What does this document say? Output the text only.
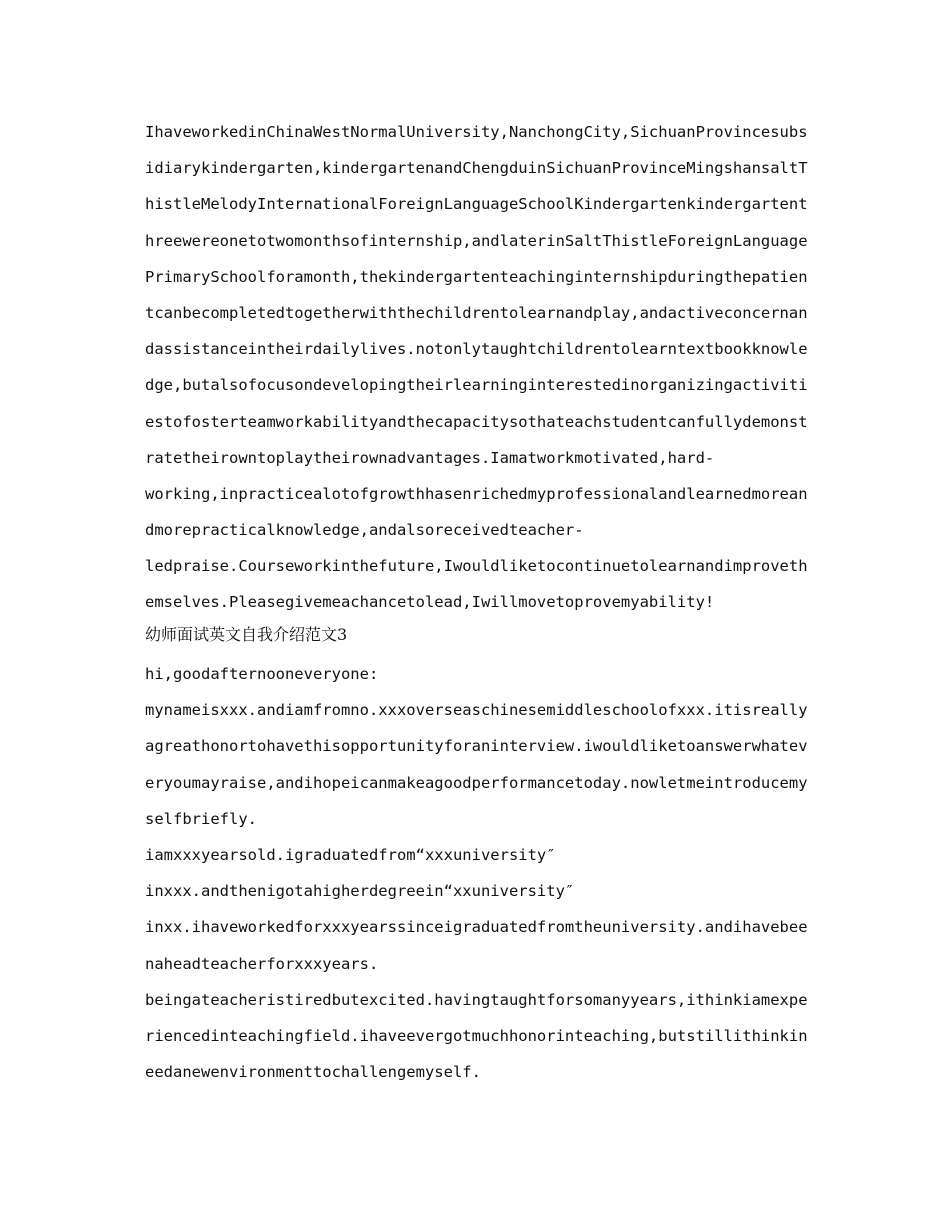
IhaveworkedinChinaWestNormalUniversity,NanchongCity,SichuanProvincesubs
idiarykindergarten,kindergartenandChengduinSichuanProvinceMingshansaltT
histleMelodyInternationalForeignLanguageSchoolKindergartenkindergartent
hreewereonetotwomonthsofinternship,andlaterinSaltThistleForeignLanguage
PrimarySchoolforamonth,thekindergartenteachinginternshipduringthepatien
tcanbecompletedtogetherwiththechildrentolearnandplay,andactiveconcernan
dassistanceintheirdailylives.notonlytaughtchildrentolearntextbookknowle
dge,butalsofocusondevelopingtheirlearninginterestedinorganizingactiviti
estofosterteamworkabilityandthecapacitysothateachstudentcanfullydemonst
ratetheirowntoplaytheirownadvantages.Iamatworkmotivated,hard-
working,inpracticealotofgrowthhasenrichedmyprofessionalandlearnedmorean
dmorepracticalknowledge,andalsoreceivedteacher-
ledpraise.Courseworkinthefuture,Iwouldliketocontinuetolearnandimproveth
emselves.Pleasegivemeachancetolead,Iwillmovetoprovemyability!
幼师面试英文自我介绍范文3
hi,goodafternooneveryone:
mynameisxxx.andiamfromno.xxxoverseaschinesemiddleschoolofxxx.itisreally
agreathonortohavethisopportunityforaninterview.iwouldliketoanswerwhatev
eryoumayraise,andihopeicanmakeagoodperformancetoday.nowletmeintroducemy
selfbriefly.
iamxxxyearsold.igraduatedfrom“xxxuniversity″
inxxx.andthenigotahigherdegreein“xxuniversity″
inxx.ihaveworkedforxxxyearssinceigraduatedfromtheuniversity.andihavebee
naheadteacherforxxxyears.
beingateacheristiredbutexcited.havingtaughtforsomanyyears,ithinkiamexpe
riencedinteachingfield.ihaveevergotmuchhonorinteaching,butstillithinkin
eedanewenvironmenttochallengemyself.
